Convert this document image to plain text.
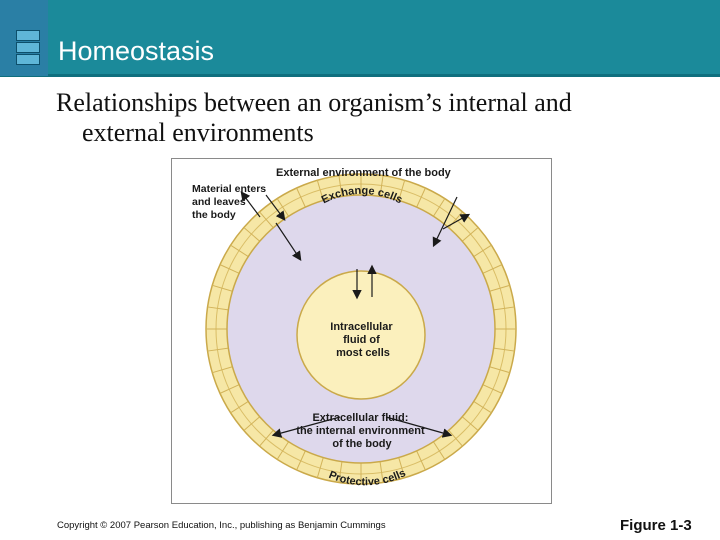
Homeostasis
Relationships between an organism’s internal and
external environments
External environment of the body
Material enters and leaves the body
Exchange cells
Intracellular fluid of most cells
Extracellular fluid: the internal environment of the body
Protective cells
Copyright © 2007 Pearson Education, Inc., publishing as Benjamin Cummings	Figure 1-3
